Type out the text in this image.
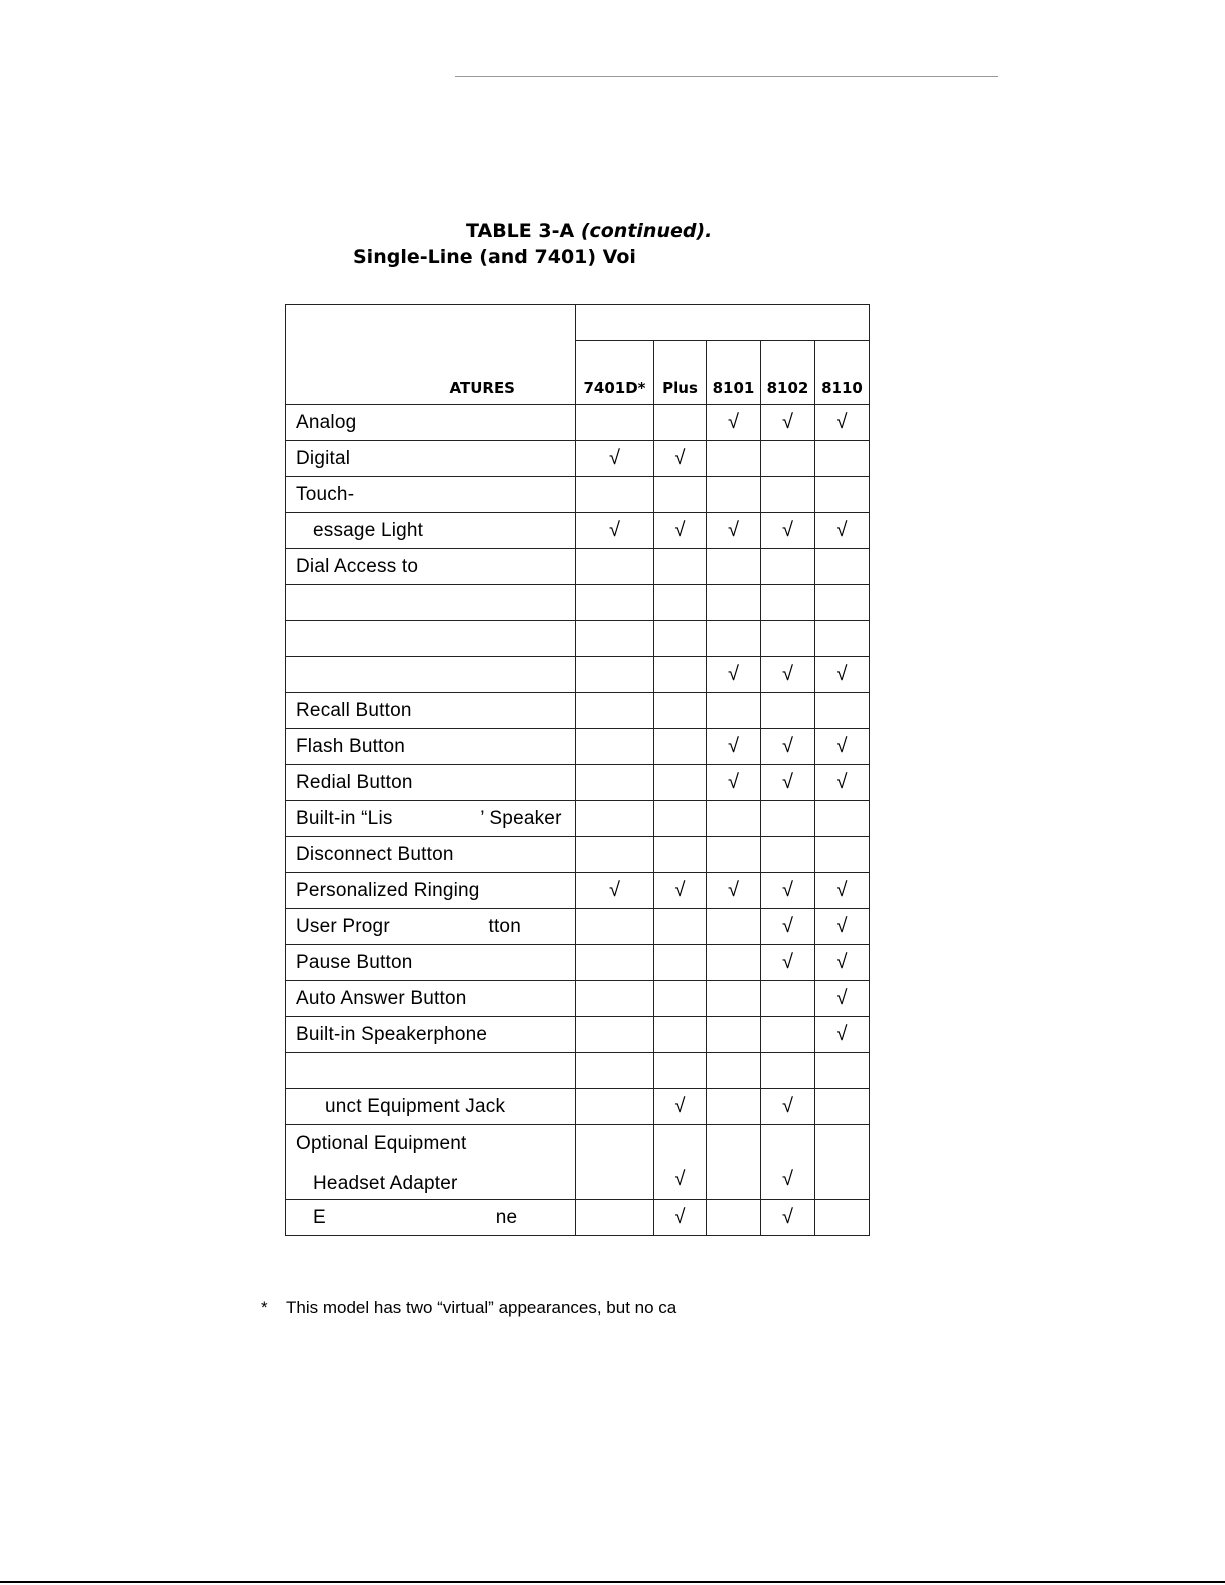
TABLE 3-A (continued).
Single-Line (and 7401) Voi

ATURES	7401D*	Plus	8101	8102	8110
Analog			√	√	√
Digital	√	√			
Touch-					
essage Light	√	√	√	√	√
Dial Access to					

			√	√	√
Recall Button					
Flash Button			√	√	√
Redial Button			√	√	√
Built-in “Lis                ’ Speaker					
Disconnect Button					
Personalized Ringing	√	√	√	√	√
User Progr                  tton				√	√
Pause Button				√	√
Auto Answer Button					√
Built-in Speakerphone					√

unct Equipment Jack		√		√	

Optional Equipment
Headset Adapter		√		√	
E                               ne		√		√	
* This model has two “virtual” appearances, but no ca
